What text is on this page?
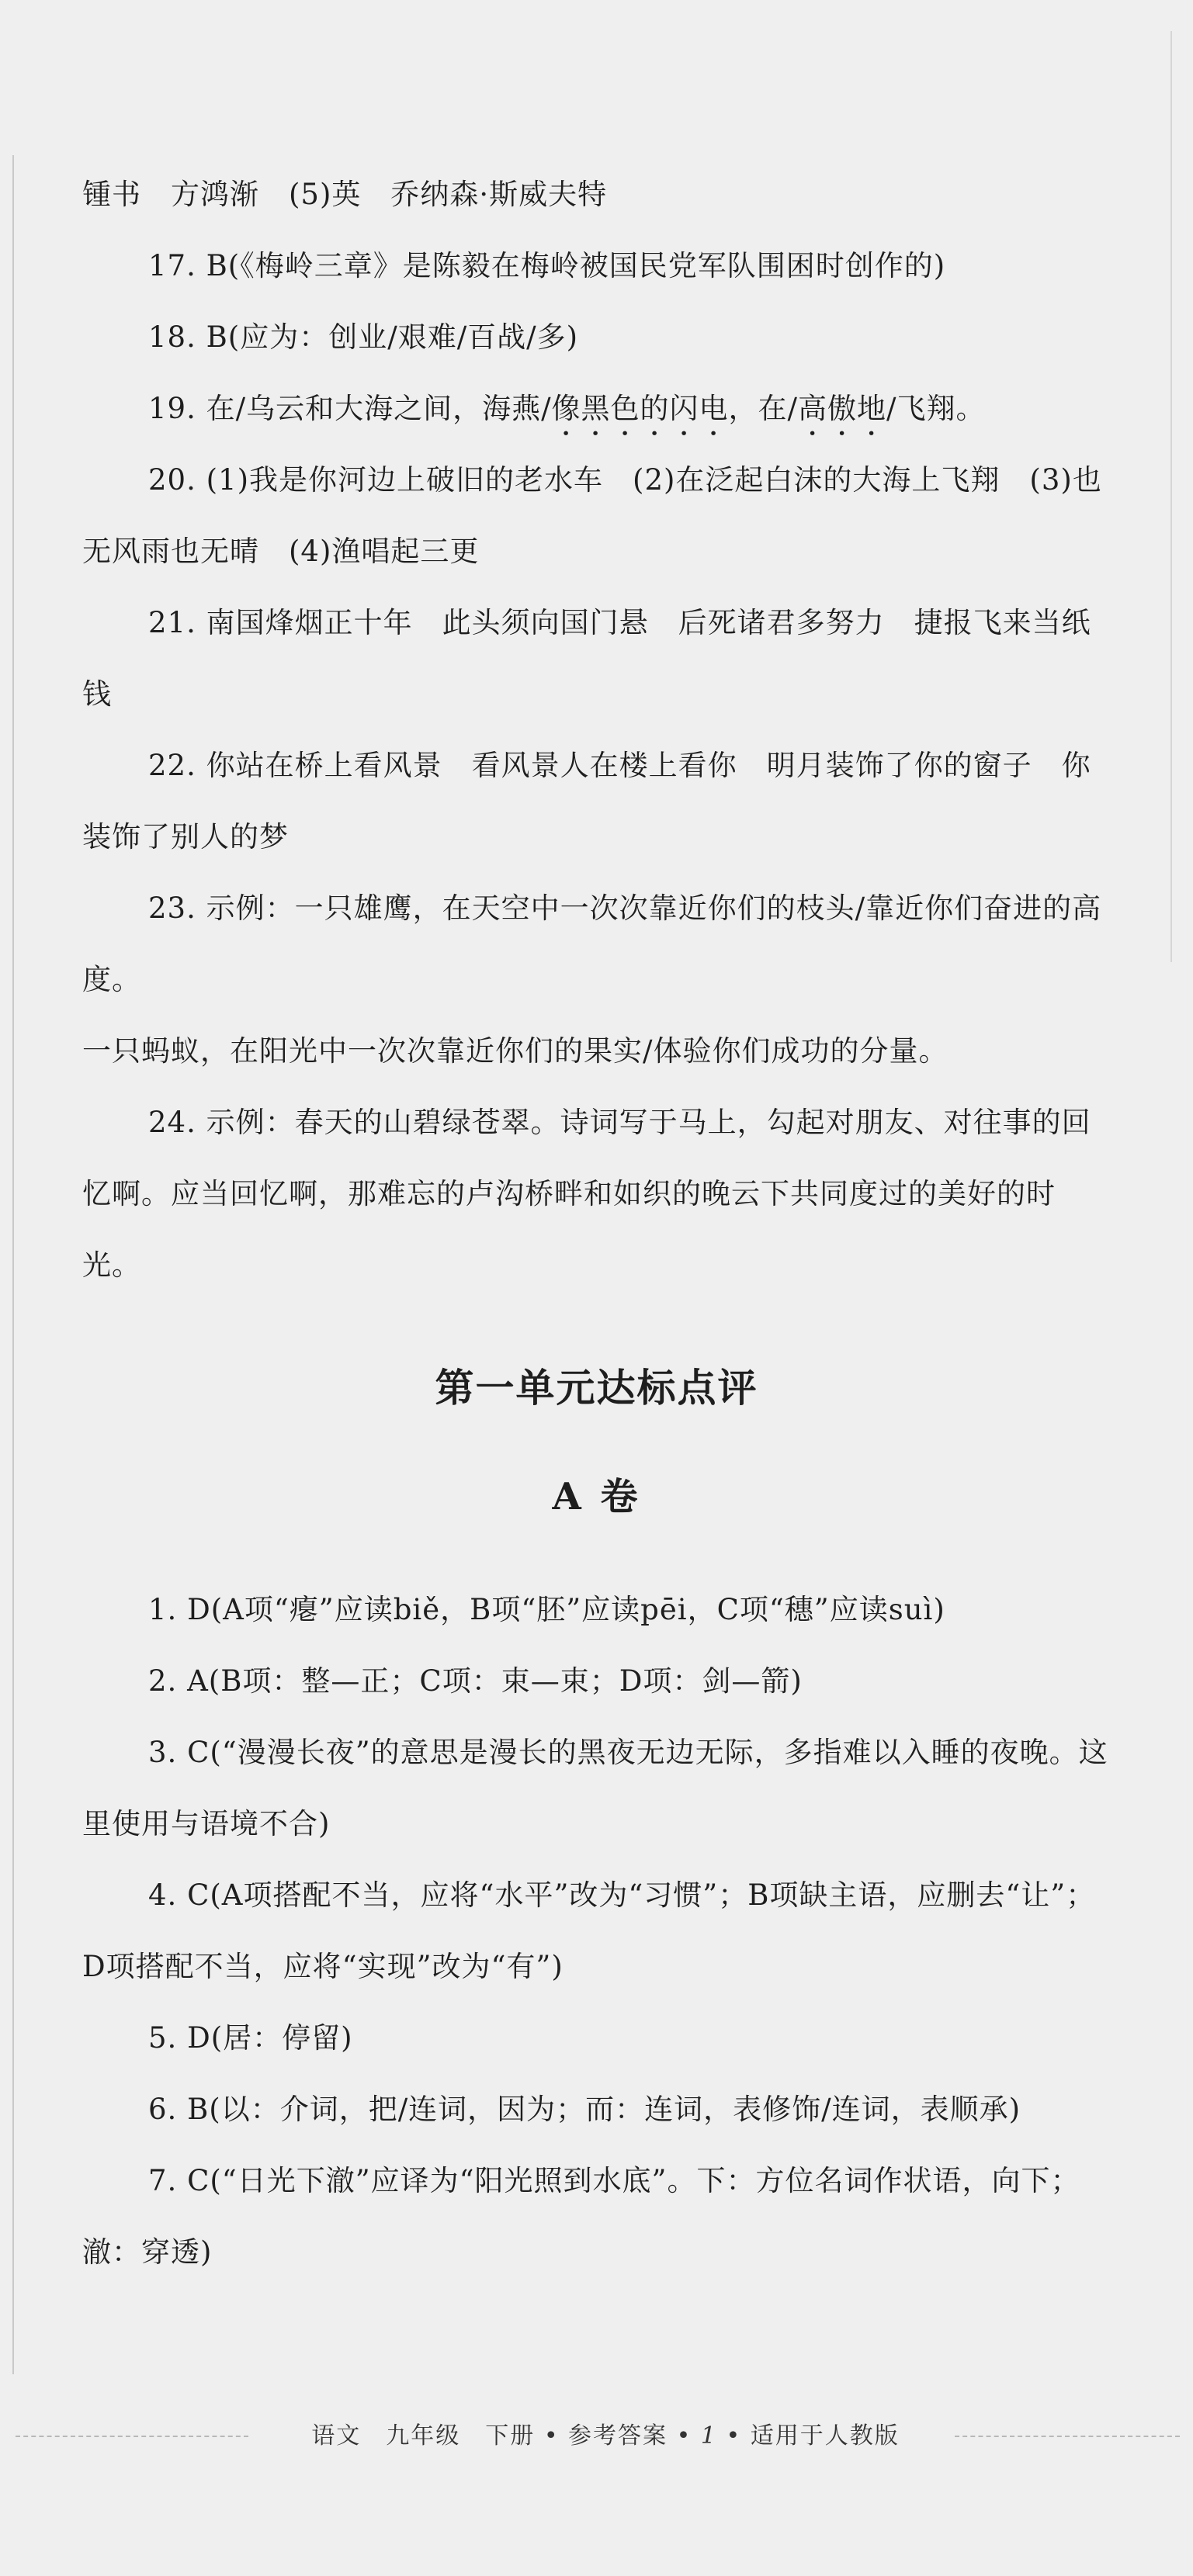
锺书　方鸿渐　(5)英　乔纳森·斯威夫特

17. B(《梅岭三章》是陈毅在梅岭被国民党军队围困时创作的)

18. B(应为：创业/艰难/百战/多)

19. 在/乌云和大海之间，海燕/像黑色的闪电，在/高傲地/飞翔。

20. (1)我是你河边上破旧的老水车　(2)在泛起白沫的大海上飞翔　(3)也无风雨也无晴　(4)渔唱起三更

21. 南国烽烟正十年　此头须向国门悬　后死诸君多努力　捷报飞来当纸钱

22. 你站在桥上看风景　看风景人在楼上看你　明月装饰了你的窗子　你装饰了别人的梦

23. 示例：一只雄鹰，在天空中一次次靠近你们的枝头/靠近你们奋进的高度。

一只蚂蚁，在阳光中一次次靠近你们的果实/体验你们成功的分量。

24. 示例：春天的山碧绿苍翠。诗词写于马上，勾起对朋友、对往事的回忆啊。应当回忆啊，那难忘的卢沟桥畔和如织的晚云下共同度过的美好的时光。

第一单元达标点评
A 卷

1. D(A项“瘪”应读biě，B项“胚”应读pēi，C项“穗”应读suì)

2. A(B项：整—正；C项：束—束；D项：剑—箭)

3. C(“漫漫长夜”的意思是漫长的黑夜无边无际，多指难以入睡的夜晚。这里使用与语境不合)

4. C(A项搭配不当，应将“水平”改为“习惯”；B项缺主语，应删去“让”；D项搭配不当，应将“实现”改为“有”)

5. D(居：停留)

6. B(以：介词，把/连词，因为；而：连词，表修饰/连词，表顺承)

7. C(“日光下澈”应译为“阳光照到水底”。下：方位名词作状语，向下；澈：穿透)

语文　九年级　下册 • 参考答案 • 1 • 适用于人教版
